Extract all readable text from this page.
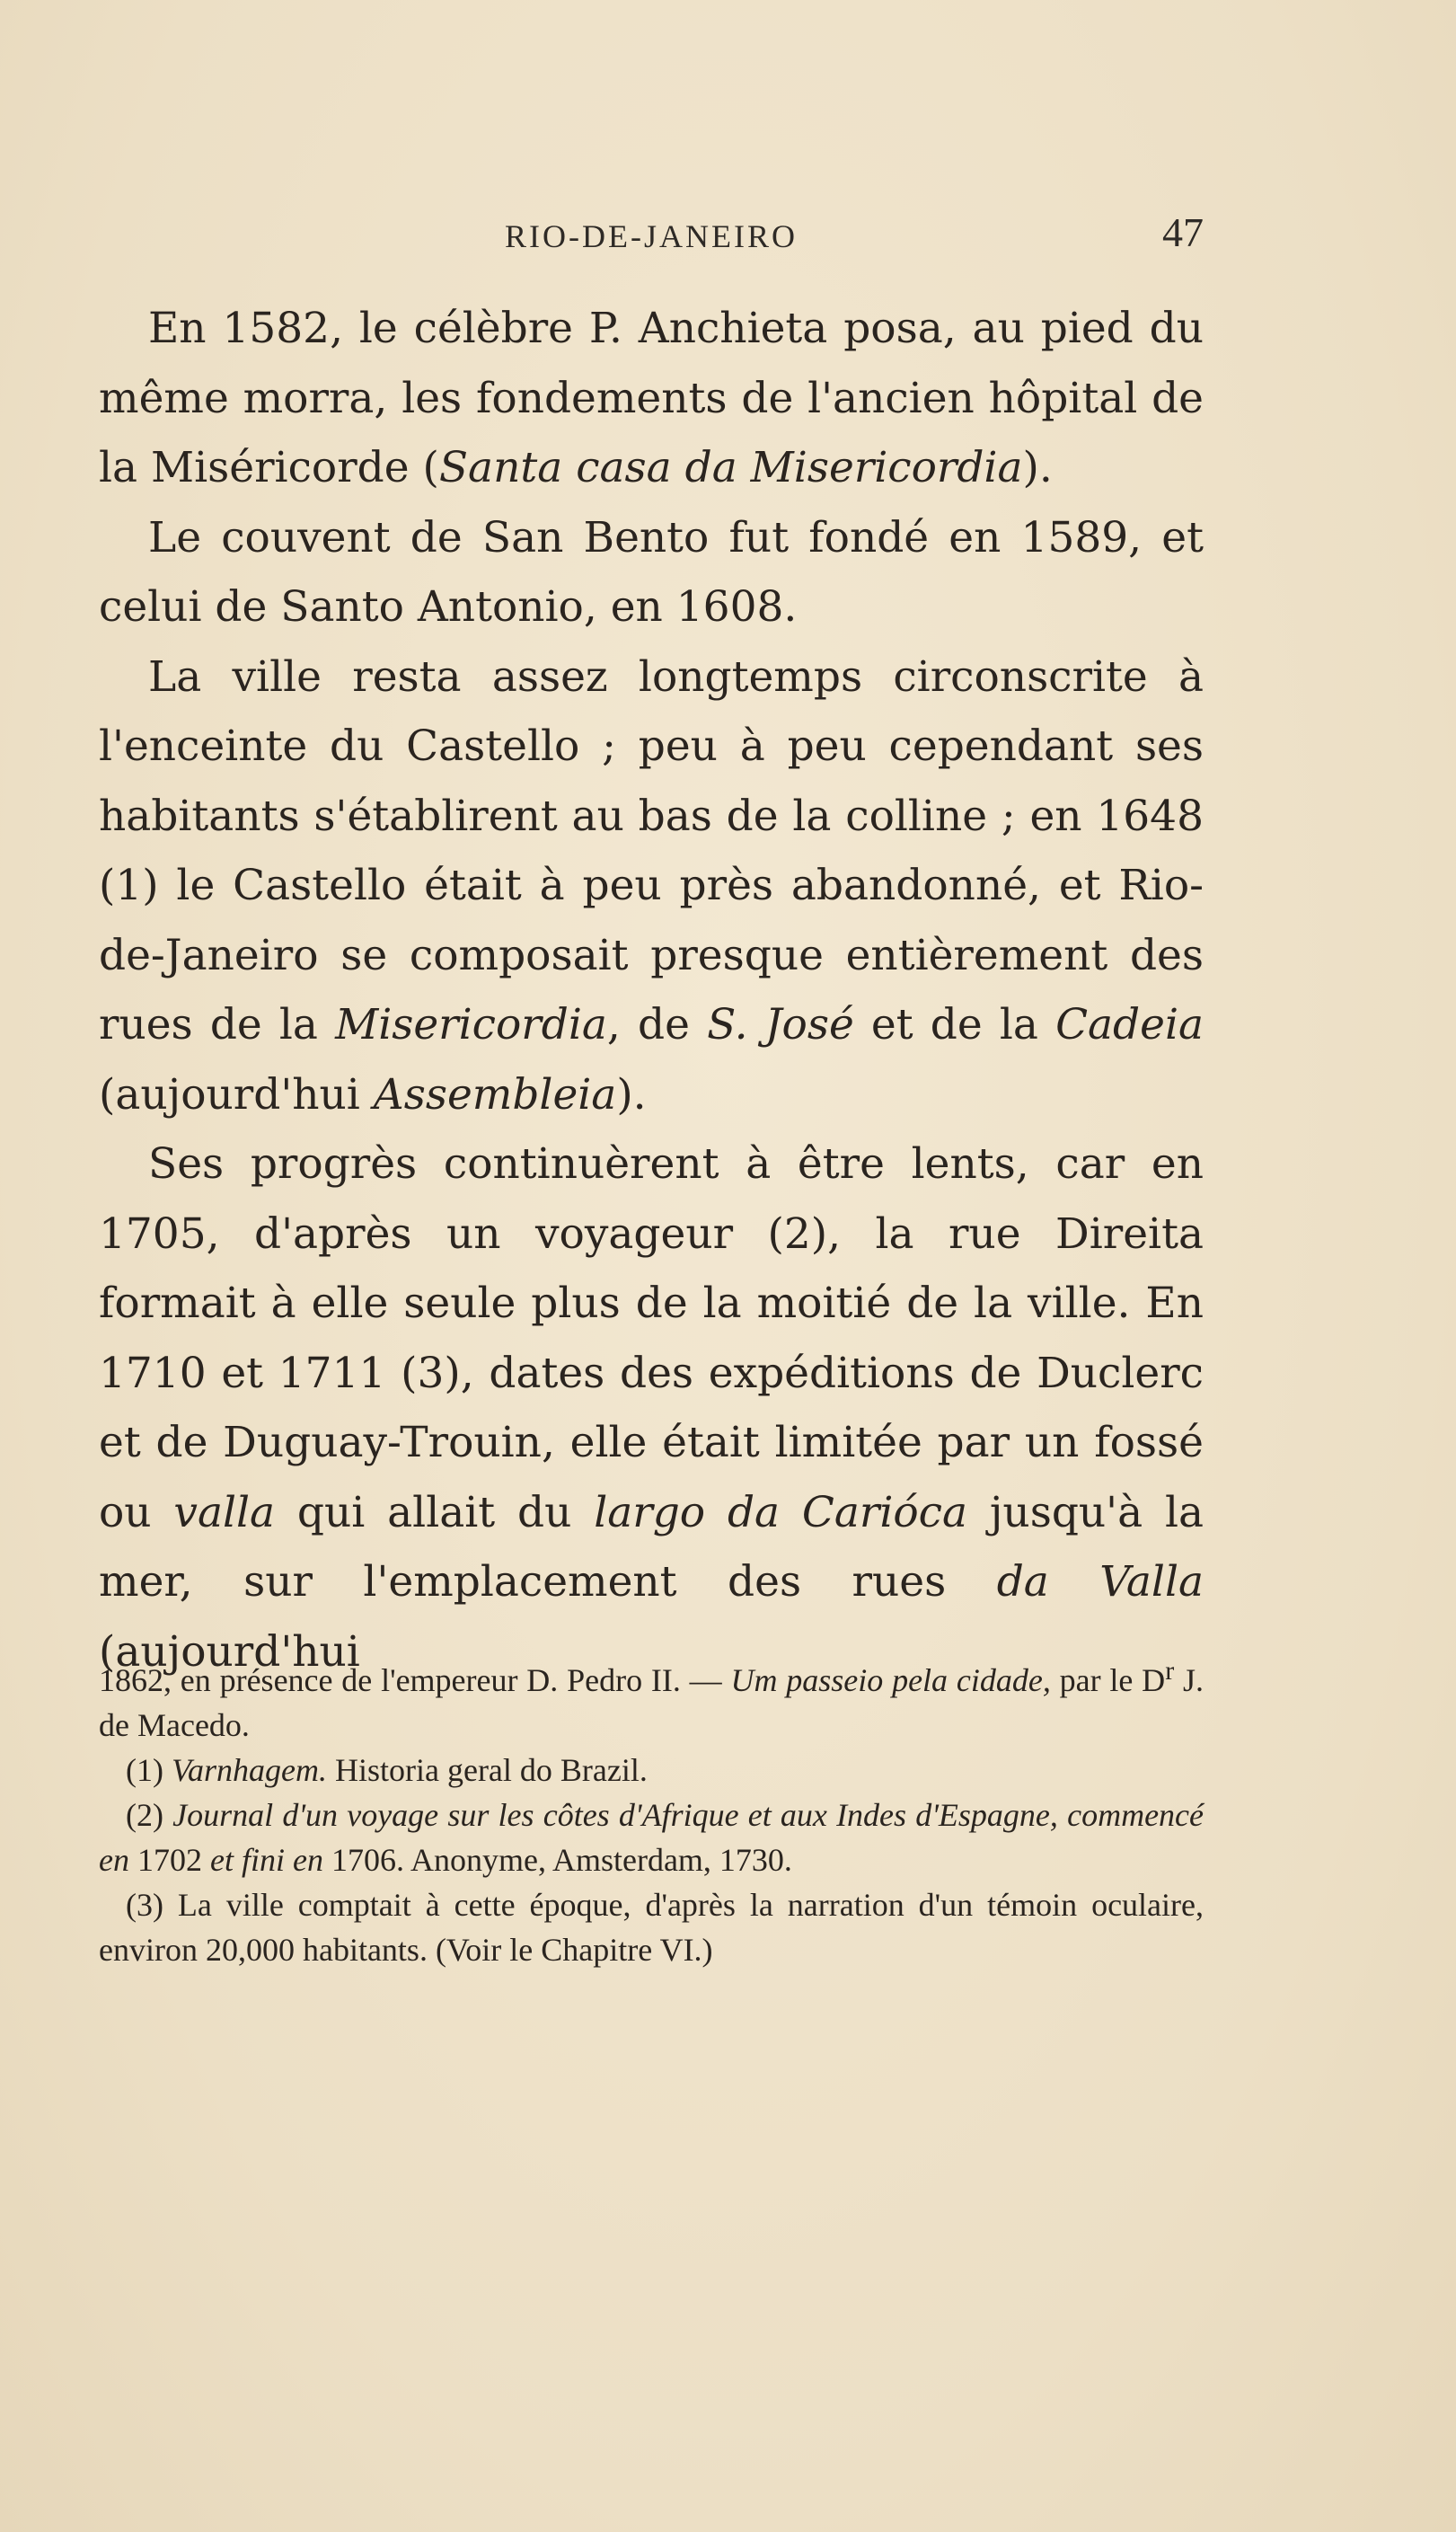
RIO-DE-JANEIRO	47

En 1582, le célèbre P. Anchieta posa, au pied du même morra, les fondements de l'ancien hôpital de la Miséricorde (Santa casa da Misericordia).

Le couvent de San Bento fut fondé en 1589, et celui de Santo Antonio, en 1608.

La ville resta assez longtemps circonscrite à l'enceinte du Castello ; peu à peu cependant ses habitants s'établirent au bas de la colline ; en 1648 (1) le Castello était à peu près abandonné, et Rio-de-Janeiro se composait presque entièrement des rues de la Misericordia, de S. José et de la Cadeia (aujourd'hui Assembleia).

Ses progrès continuèrent à être lents, car en 1705, d'après un voyageur (2), la rue Direita formait à elle seule plus de la moitié de la ville. En 1710 et 1711 (3), dates des expéditions de Duclerc et de Duguay-Trouin, elle était limitée par un fossé ou valla qui allait du largo da Carióca jusqu'à la mer, sur l'emplacement des rues da Valla (aujourd'hui

1862, en présence de l'empereur D. Pedro II. — Um passeio pela cidade, par le $D^r$ J. de Macedo.

(1) Varnhagem. Historia geral do Brazil.

(2) Journal d'un voyage sur les côtes d'Afrique et aux Indes d'Espagne, commencé en 1702 et fini en 1706. Anonyme, Amsterdam, 1730.

(3) La ville comptait à cette époque, d'après la narration d'un témoin oculaire, environ 20,000 habitants. (Voir le Chapitre VI.)
